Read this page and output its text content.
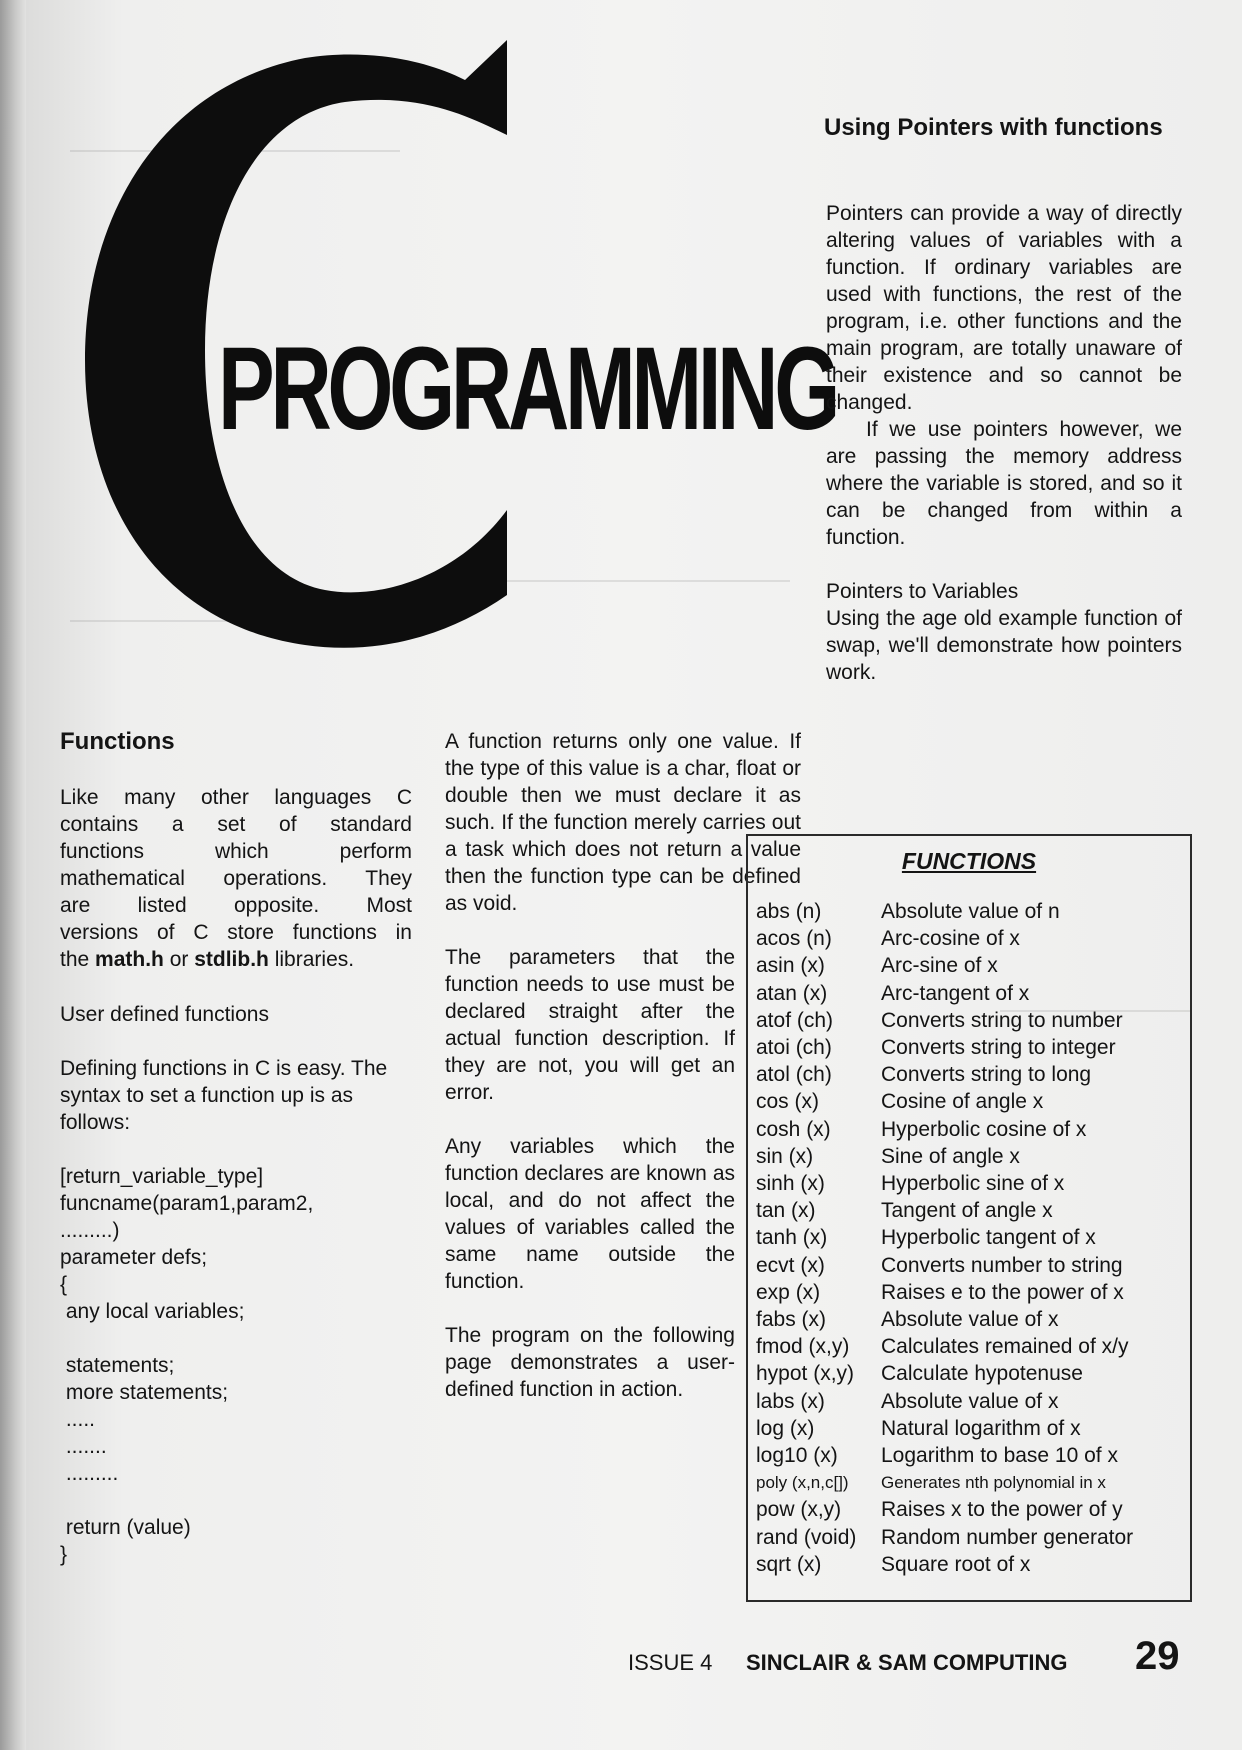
PROGRAMMING
Functions
Like many other languages C
contains a set of standard
functions which perform
mathematical operations. They
are listed opposite. Most
versions of C store functions in
the math.h or stdlib.h libraries.
User defined functions
Defining functions in C is easy. The syntax to set a function up is as follows:
[return_variable_type]
funcname(param1,param2,
.........)
parameter defs;
{
any local variables;
statements;
more statements;
.....
.......
.........
return (value)
}

A function returns only one value. If the type of this value is a char, float or double then we must declare it as such. If the function merely carries out a task which does not return a value then the function type can be defined as void.

The parameters that the function needs to use must be declared straight after the actual function description. If they are not, you will get an error.

Any variables which the function declares are known as local, and do not affect the values of variables called the same name outside the function.

The program on the following page demonstrates a user-defined function in action.

Using Pointers with functions

Pointers can provide a way of directly altering values of variables with a function. If ordinary variables are used with functions, the rest of the program, i.e. other functions and the main program, are totally unaware of their existence and so cannot be changed.

If we use pointers however, we are passing the memory address where the variable is stored, and so it can be changed from within a function.

Pointers to Variables

Using the age old example function of swap, we'll demonstrate how pointers work.

FUNCTIONS
abs (n)	Absolute value of n
acos (n) Arc-cosine of x
asin (x)	Arc-sine of x
atan (x)	Arc-tangent of x
atof (ch) Converts string to number
atoi (ch) Converts string to integer
atol (ch) Converts string to long
cos (x)	Cosine of angle x
cosh (x) Hyperbolic cosine of x
sin (x)	Sine of angle x
sinh (x)	Hyperbolic sine of x
tan (x)	Tangent of angle x
tanh (x)	Hyperbolic tangent of x
ecvt (x)	Converts number to string
exp (x)	Raises e to the power of x
fabs (x)	Absolute value of x
fmod (x,y) Calculates remained of x/y
hypot (x,y) Calculate hypotenuse
labs (x)	Absolute value of x
log (x)	Natural logarithm of x
log10 (x) Logarithm to base 10 of x
poly (x,n,c[]) Generates nth polynomial in x
pow (x,y) Raises x to the power of y
rand (void) Random number generator
sqrt (x)	Square root of x
ISSUE 4 SINCLAIR & SAM COMPUTING 29
